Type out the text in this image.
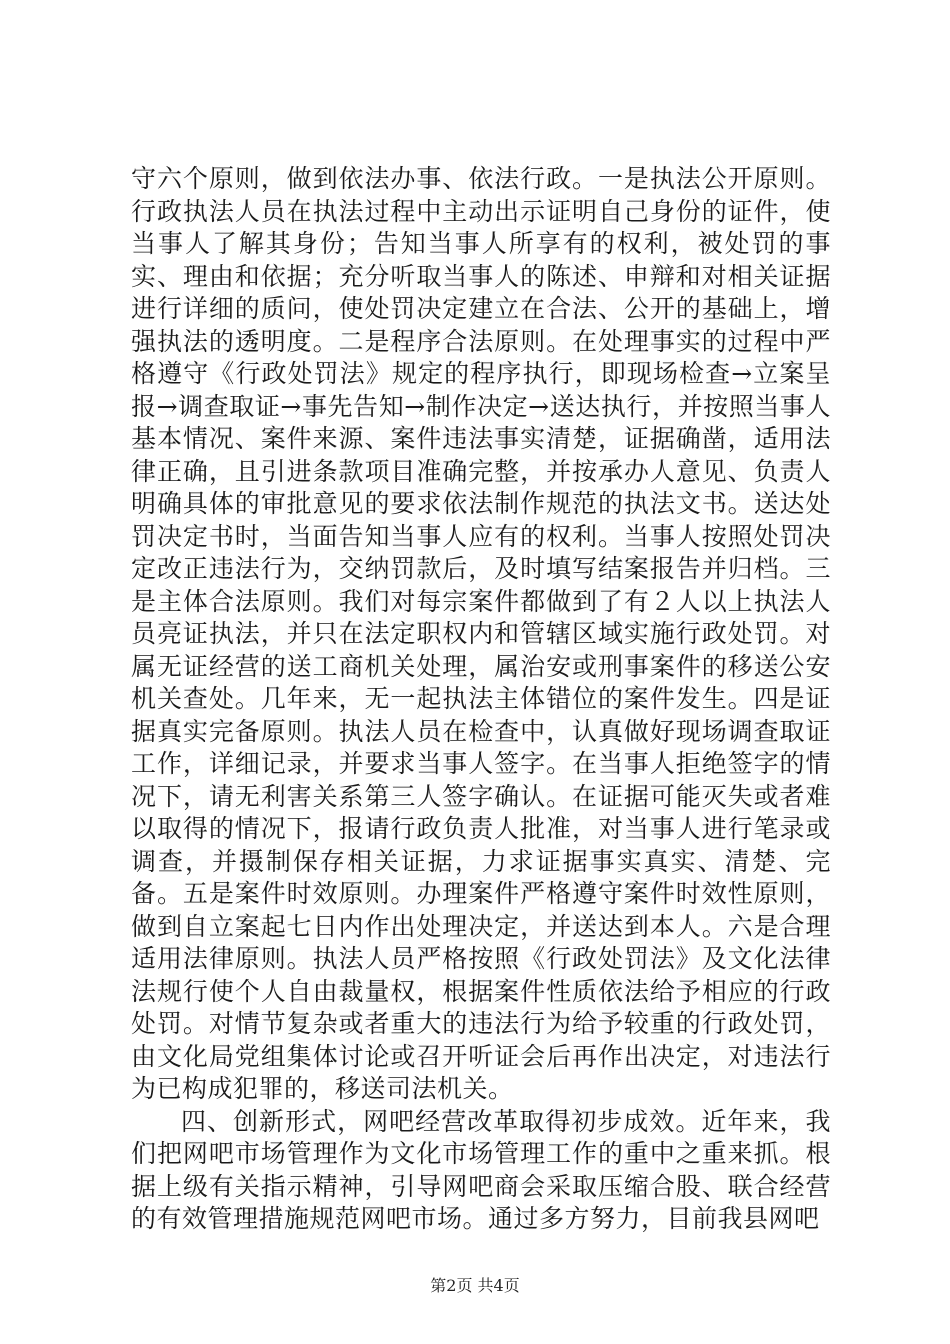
守六个原则，做到依法办事、依法行政。一是执法公开原则。行政执法人员在执法过程中主动出示证明自己身份的证件，使当事人了解其身份；告知当事人所享有的权利，被处罚的事实、理由和依据；充分听取当事人的陈述、申辩和对相关证据进行详细的质问，使处罚决定建立在合法、公开的基础上，增强执法的透明度。二是程序合法原则。在处理事实的过程中严格遵守《行政处罚法》规定的程序执行，即现场检查→立案呈报→调查取证→事先告知→制作决定→送达执行，并按照当事人基本情况、案件来源、案件违法事实清楚，证据确凿，适用法律正确，且引进条款项目准确完整，并按承办人意见、负责人明确具体的审批意见的要求依法制作规范的执法文书。送达处罚决定书时，当面告知当事人应有的权利。当事人按照处罚决定改正违法行为，交纳罚款后，及时填写结案报告并归档。三是主体合法原则。我们对每宗案件都做到了有２人以上执法人员亮证执法，并只在法定职权内和管辖区域实施行政处罚。对属无证经营的送工商机关处理，属治安或刑事案件的移送公安机关查处。几年来，无一起执法主体错位的案件发生。四是证据真实完备原则。执法人员在检查中，认真做好现场调查取证工作，详细记录，并要求当事人签字。在当事人拒绝签字的情况下，请无利害关系第三人签字确认。在证据可能灭失或者难以取得的情况下，报请行政负责人批准，对当事人进行笔录或调查，并摄制保存相关证据，力求证据事实真实、清楚、完备。五是案件时效原则。办理案件严格遵守案件时效性原则，做到自立案起七日内作出处理决定，并送达到本人。六是合理适用法律原则。执法人员严格按照《行政处罚法》及文化法律法规行使个人自由裁量权，根据案件性质依法给予相应的行政处罚。对情节复杂或者重大的违法行为给予较重的行政处罚，由文化局党组集体讨论或召开听证会后再作出决定，对违法行为已构成犯罪的，移送司法机关。

四、创新形式，网吧经营改革取得初步成效。近年来，我们把网吧市场管理作为文化市场管理工作的重中之重来抓。根据上级有关指示精神，引导网吧商会采取压缩合股、联合经营的有效管理措施规范网吧市场。通过多方努力，目前我县网吧

第2页 共4页
